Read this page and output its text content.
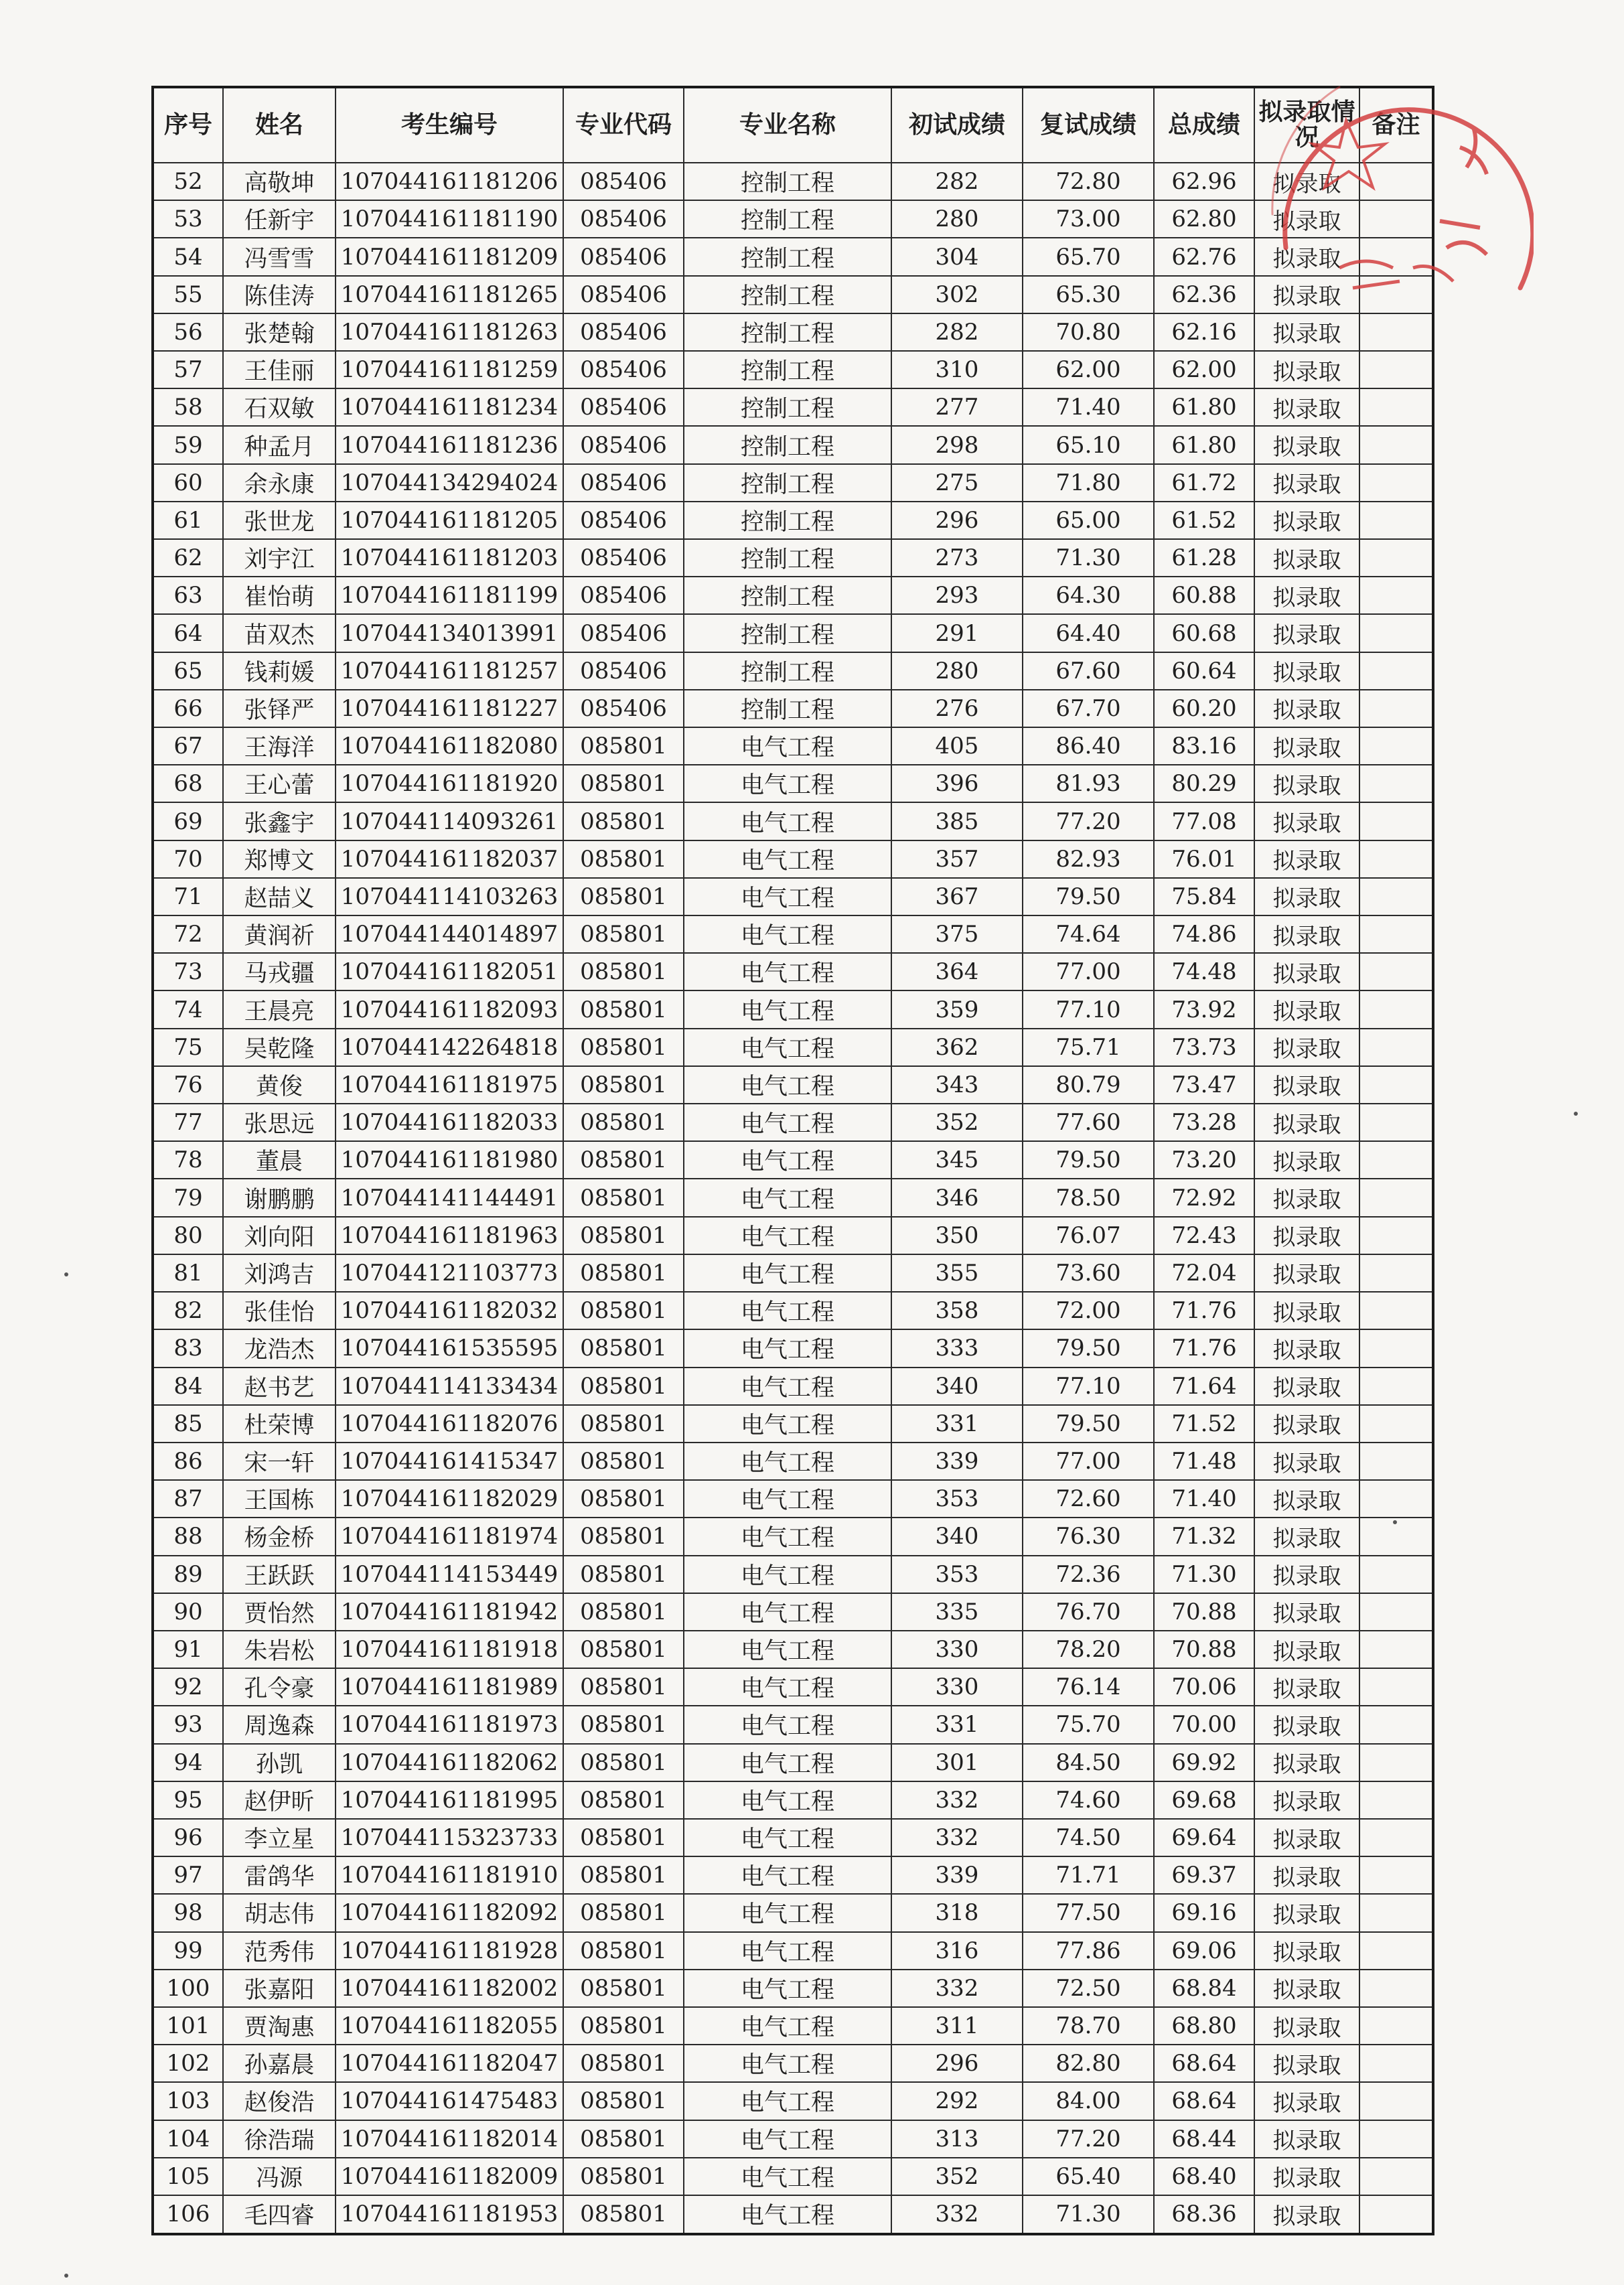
序号	姓名	考生编号	专业代码	专业名称	初试成绩	复试成绩	总成绩	拟录取情况	备注
52	高敬坤	107044161181206	085406	控制工程	282	72.80	62.96	拟录取	
53	任新宇	107044161181190	085406	控制工程	280	73.00	62.80	拟录取	
54	冯雪雪	107044161181209	085406	控制工程	304	65.70	62.76	拟录取	
55	陈佳涛	107044161181265	085406	控制工程	302	65.30	62.36	拟录取	
56	张楚翰	107044161181263	085406	控制工程	282	70.80	62.16	拟录取	
57	王佳丽	107044161181259	085406	控制工程	310	62.00	62.00	拟录取	
58	石双敏	107044161181234	085406	控制工程	277	71.40	61.80	拟录取	
59	种孟月	107044161181236	085406	控制工程	298	65.10	61.80	拟录取	
60	余永康	107044134294024	085406	控制工程	275	71.80	61.72	拟录取	
61	张世龙	107044161181205	085406	控制工程	296	65.00	61.52	拟录取	
62	刘宇江	107044161181203	085406	控制工程	273	71.30	61.28	拟录取	
63	崔怡萌	107044161181199	085406	控制工程	293	64.30	60.88	拟录取	
64	苗双杰	107044134013991	085406	控制工程	291	64.40	60.68	拟录取	
65	钱莉媛	107044161181257	085406	控制工程	280	67.60	60.64	拟录取	
66	张铎严	107044161181227	085406	控制工程	276	67.70	60.20	拟录取	
67	王海洋	107044161182080	085801	电气工程	405	86.40	83.16	拟录取	
68	王心蕾	107044161181920	085801	电气工程	396	81.93	80.29	拟录取	
69	张鑫宇	107044114093261	085801	电气工程	385	77.20	77.08	拟录取	
70	郑博文	107044161182037	085801	电气工程	357	82.93	76.01	拟录取	
71	赵喆义	107044114103263	085801	电气工程	367	79.50	75.84	拟录取	
72	黄润祈	107044144014897	085801	电气工程	375	74.64	74.86	拟录取	
73	马戎疆	107044161182051	085801	电气工程	364	77.00	74.48	拟录取	
74	王晨亮	107044161182093	085801	电气工程	359	77.10	73.92	拟录取	
75	吴乾隆	107044142264818	085801	电气工程	362	75.71	73.73	拟录取	
76	黄俊	107044161181975	085801	电气工程	343	80.79	73.47	拟录取	
77	张思远	107044161182033	085801	电气工程	352	77.60	73.28	拟录取	
78	董晨	107044161181980	085801	电气工程	345	79.50	73.20	拟录取	
79	谢鹏鹏	107044141144491	085801	电气工程	346	78.50	72.92	拟录取	
80	刘向阳	107044161181963	085801	电气工程	350	76.07	72.43	拟录取	
81	刘鸿吉	107044121103773	085801	电气工程	355	73.60	72.04	拟录取	
82	张佳怡	107044161182032	085801	电气工程	358	72.00	71.76	拟录取	
83	龙浩杰	107044161535595	085801	电气工程	333	79.50	71.76	拟录取	
84	赵书艺	107044114133434	085801	电气工程	340	77.10	71.64	拟录取	
85	杜荣博	107044161182076	085801	电气工程	331	79.50	71.52	拟录取	
86	宋一轩	107044161415347	085801	电气工程	339	77.00	71.48	拟录取	
87	王国栋	107044161182029	085801	电气工程	353	72.60	71.40	拟录取	
88	杨金桥	107044161181974	085801	电气工程	340	76.30	71.32	拟录取	
89	王跃跃	107044114153449	085801	电气工程	353	72.36	71.30	拟录取	
90	贾怡然	107044161181942	085801	电气工程	335	76.70	70.88	拟录取	
91	朱岩松	107044161181918	085801	电气工程	330	78.20	70.88	拟录取	
92	孔令豪	107044161181989	085801	电气工程	330	76.14	70.06	拟录取	
93	周逸森	107044161181973	085801	电气工程	331	75.70	70.00	拟录取	
94	孙凯	107044161182062	085801	电气工程	301	84.50	69.92	拟录取	
95	赵伊昕	107044161181995	085801	电气工程	332	74.60	69.68	拟录取	
96	李立星	107044115323733	085801	电气工程	332	74.50	69.64	拟录取	
97	雷鸽华	107044161181910	085801	电气工程	339	71.71	69.37	拟录取	
98	胡志伟	107044161182092	085801	电气工程	318	77.50	69.16	拟录取	
99	范秀伟	107044161181928	085801	电气工程	316	77.86	69.06	拟录取	
100	张嘉阳	107044161182002	085801	电气工程	332	72.50	68.84	拟录取	
101	贾淘惠	107044161182055	085801	电气工程	311	78.70	68.80	拟录取	
102	孙嘉晨	107044161182047	085801	电气工程	296	82.80	68.64	拟录取	
103	赵俊浩	107044161475483	085801	电气工程	292	84.00	68.64	拟录取	
104	徐浩瑞	107044161182014	085801	电气工程	313	77.20	68.44	拟录取	
105	冯源	107044161182009	085801	电气工程	352	65.40	68.40	拟录取	
106	毛四睿	107044161181953	085801	电气工程	332	71.30	68.36	拟录取	
